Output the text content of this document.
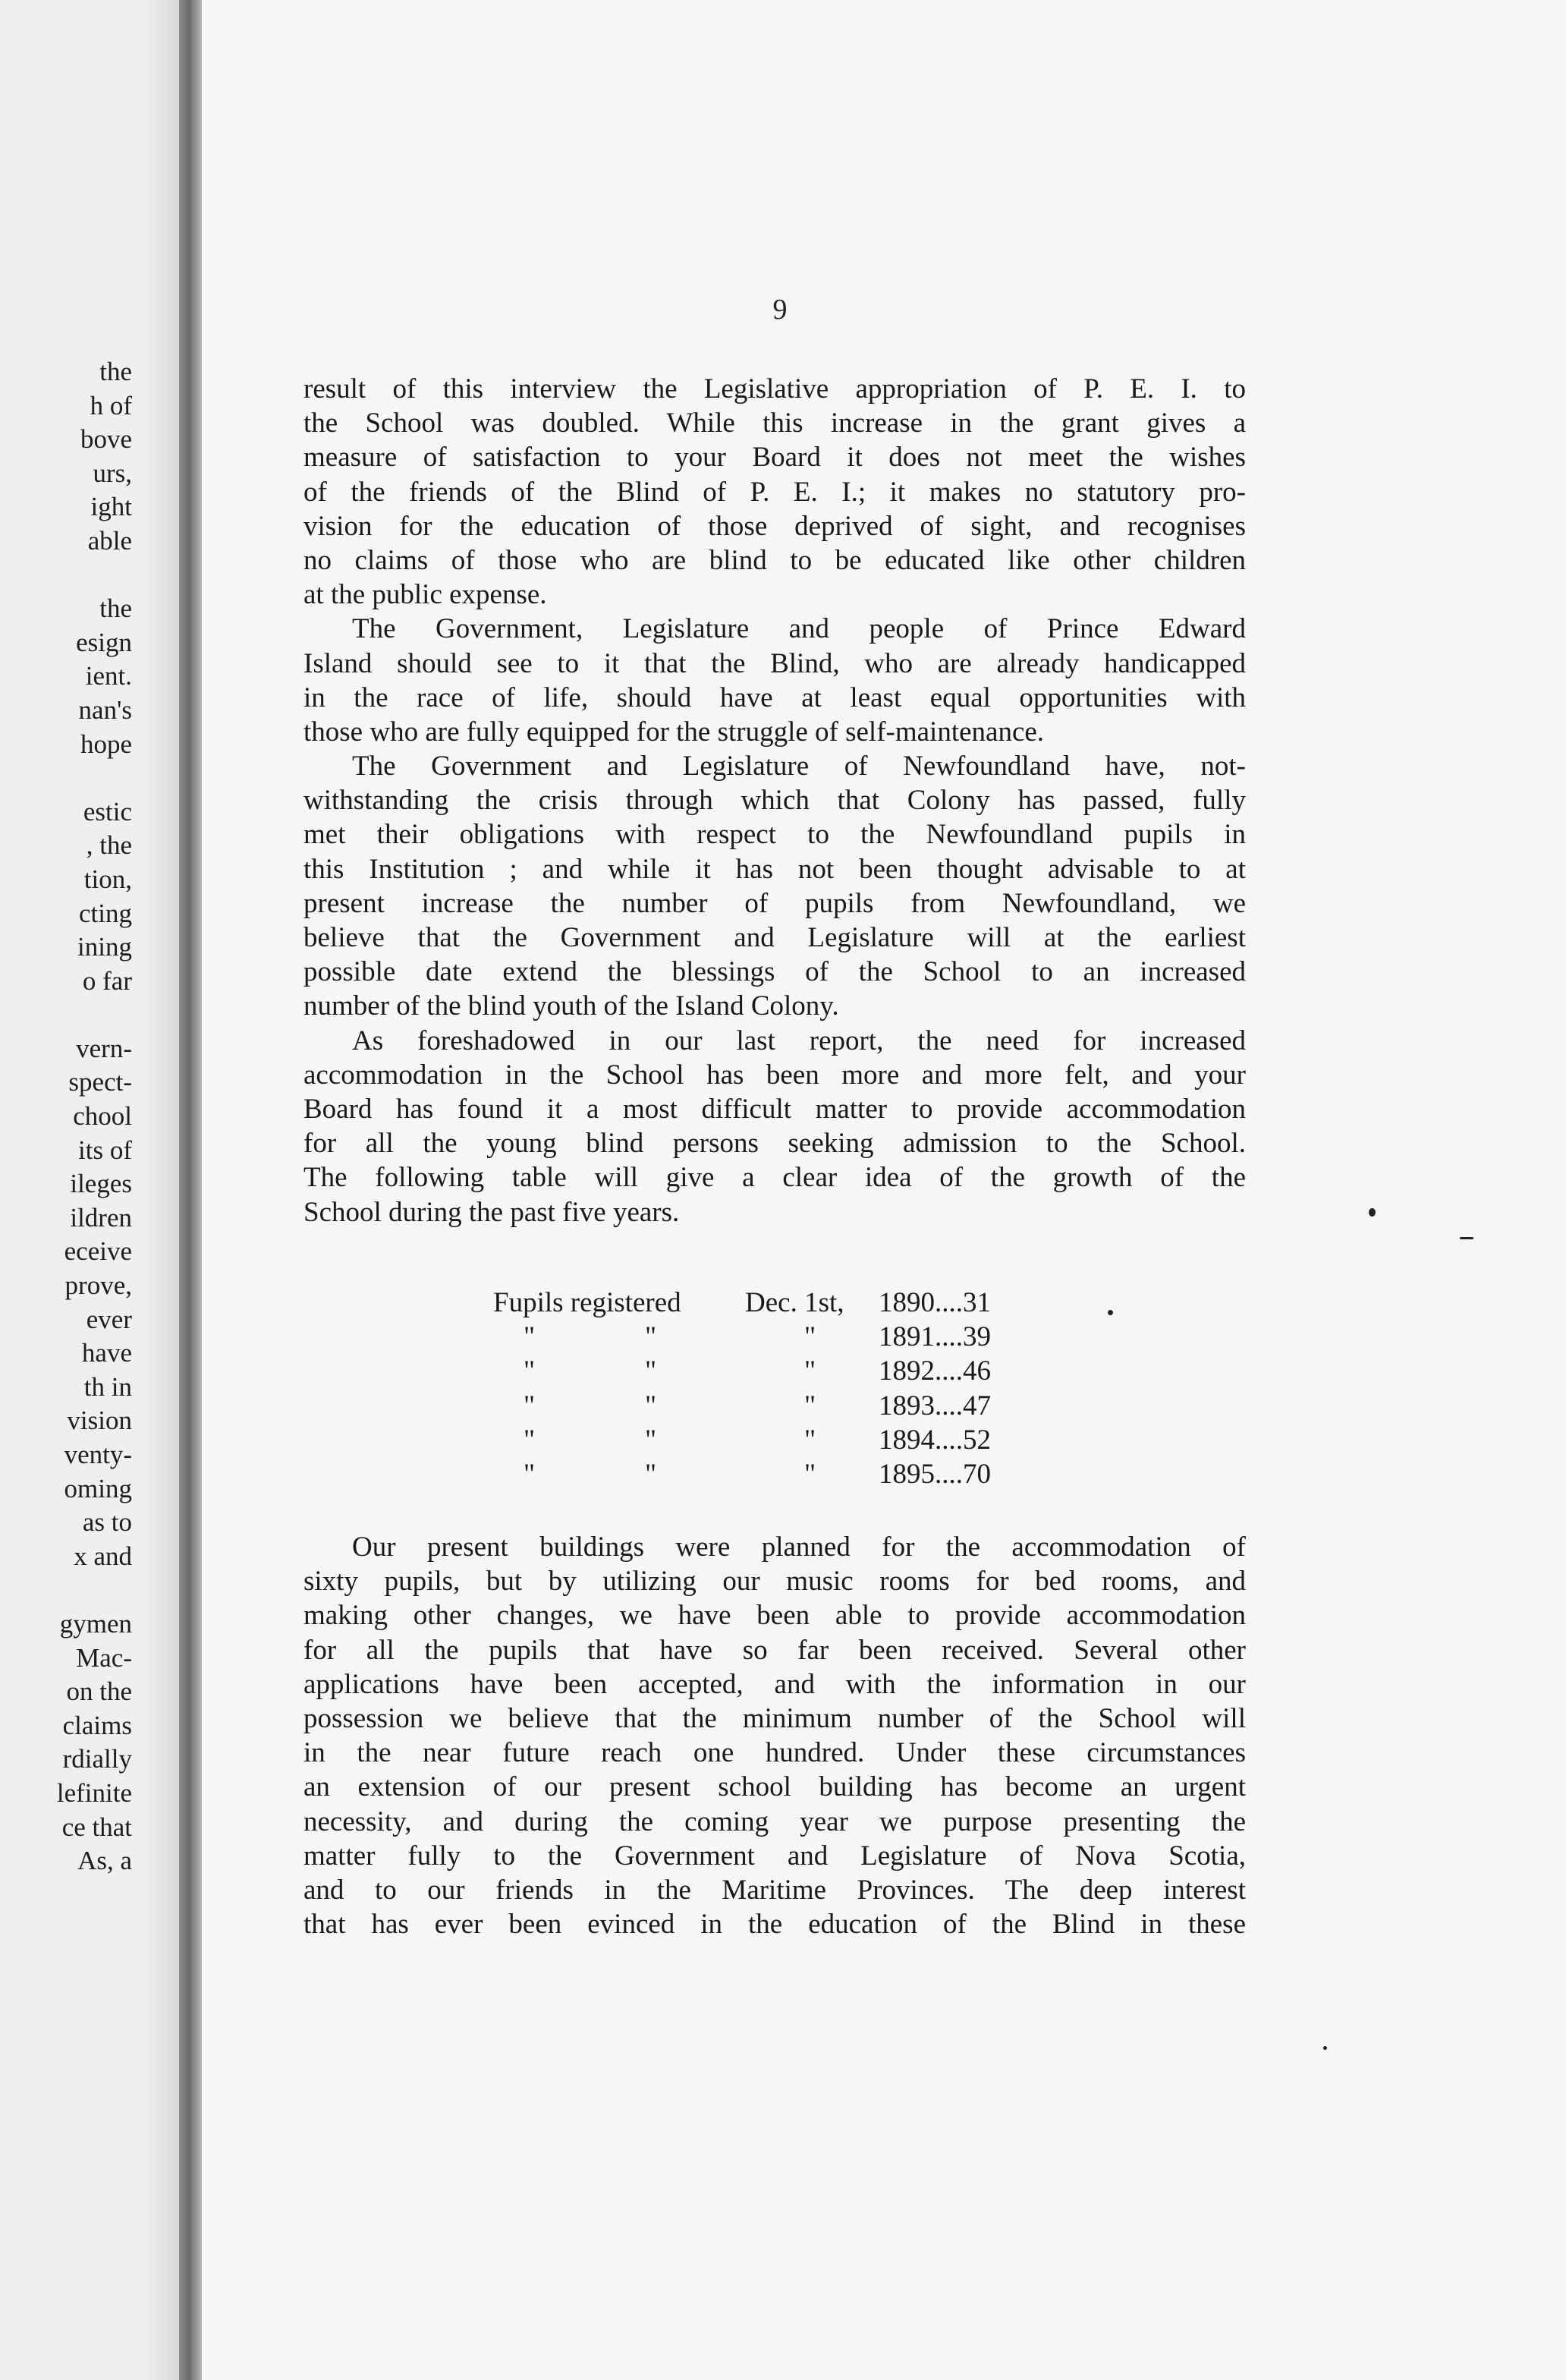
the
h of
bove
urs,
ight
able

the
esign
ient.
nan's
hope

estic
, the
tion,
cting
ining
o far

vern-
spect-
chool
its of
ileges
ildren
eceive
prove,
ever
have
th in
vision
venty-
oming
as to
x and

gymen
Mac-
on the
claims
rdially
lefinite
ce that
As, a
9
result of this interview the Legislative appropriation of P. E. I. to
the School was doubled. While this increase in the grant gives a
measure of satisfaction to your Board it does not meet the wishes
of the friends of the Blind of P. E. I.; it makes no statutory pro-
vision for the education of those deprived of sight, and recognises
no claims of those who are blind to be educated like other children
at the public expense.
The Government, Legislature and people of Prince Edward
Island should see to it that the Blind, who are already handicapped
in the race of life, should have at least equal opportunities with
those who are fully equipped for the struggle of self-maintenance.
The Government and Legislature of Newfoundland have, not-
withstanding the crisis through which that Colony has passed, fully
met their obligations with respect to the Newfoundland pupils in
this Institution ; and while it has not been thought advisable to at
present increase the number of pupils from Newfoundland, we
believe that the Government and Legislature will at the earliest
possible date extend the blessings of the School to an increased
number of the blind youth of the Island Colony.
As foreshadowed in our last report, the need for increased
accommodation in the School has been more and more felt, and your
Board has found it a most difficult matter to provide accommodation
for all the young blind persons seeking admission to the School.
The following table will give a clear idea of the growth of the
School during the past five years.
Fupils registered	Dec. 1st, 1890....31
"	"	" 1891....39
"	"	" 1892....46
"	"	" 1893....47
"	"	" 1894....52
"	"	" 1895....70
Our present buildings were planned for the accommodation of
sixty pupils, but by utilizing our music rooms for bed rooms, and
making other changes, we have been able to provide accommodation
for all the pupils that have so far been received. Several other
applications have been accepted, and with the information in our
possession we believe that the minimum number of the School will
in the near future reach one hundred. Under these circumstances
an extension of our present school building has become an urgent
necessity, and during the coming year we purpose presenting the
matter fully to the Government and Legislature of Nova Scotia,
and to our friends in the Maritime Provinces. The deep interest
that has ever been evinced in the education of the Blind in these
